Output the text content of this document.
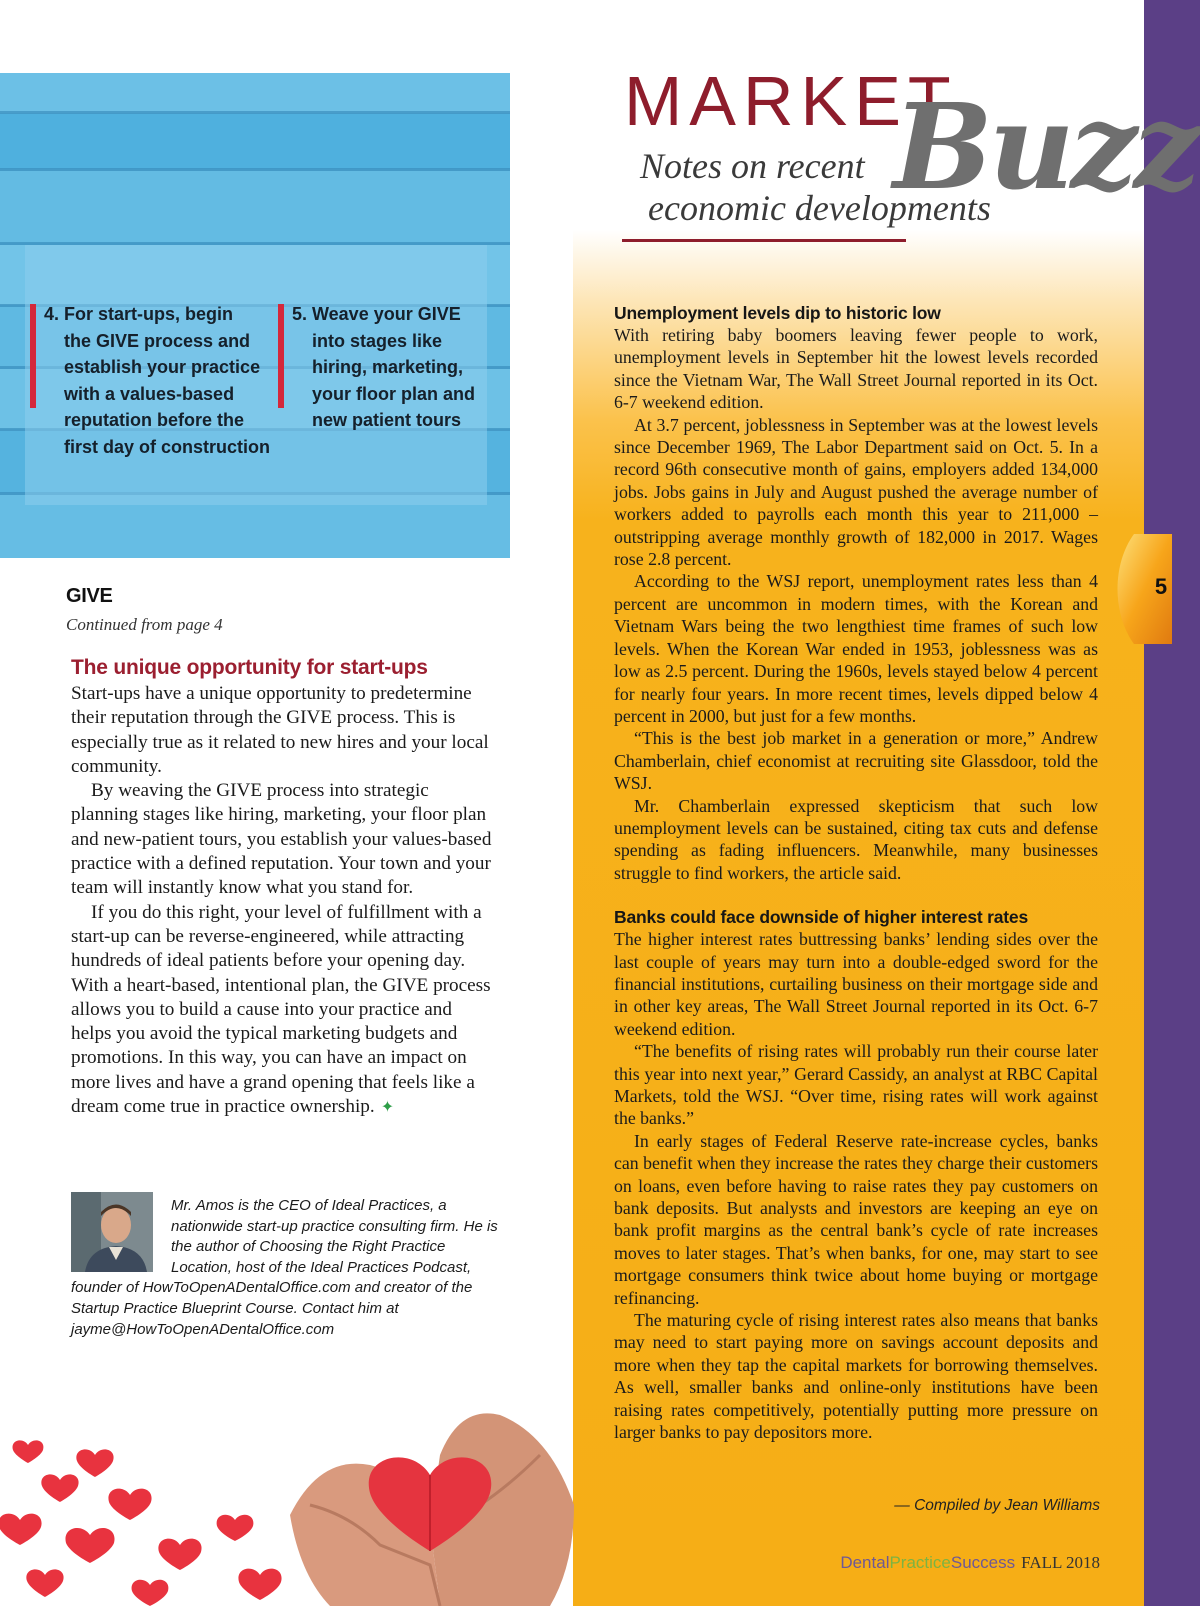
5
MARKET
Buzz
Notes on recent
economic developments
4. For start-ups, begin
the GIVE process and
establish your practice
with a values-based
reputation before the
first day of construction
5. Weave your GIVE
into stages like
hiring, marketing,
your floor plan and
new patient tours
GIVE
Continued from page 4
The unique opportunity for start-ups

Start-ups have a unique opportunity to predetermine their reputation through the GIVE process. This is especially true as it related to new hires and your local community.

By weaving the GIVE process into strategic planning stages like hiring, marketing, your floor plan and new-patient tours, you establish your values-based practice with a defined reputation. Your town and your team will instantly know what you stand for.

If you do this right, your level of fulfillment with a start-up can be reverse-engineered, while attracting hundreds of ideal patients before your opening day. With a heart-based, intentional plan, the GIVE process allows you to build a cause into your practice and helps you avoid the typical marketing budgets and promotions. In this way, you can have an impact on more lives and have a grand opening that feels like a dream come true in practice ownership. ✦

Mr. Amos is the CEO of Ideal Practices, a nationwide start-up practice consulting firm. He is the author of Choosing the Right Practice Location, host of the Ideal Practices Podcast, founder of HowToOpenADentalOffice.com and creator of the Startup Practice Blueprint Course. Contact him at jayme@HowToOpenADentalOffice.com
Unemployment levels dip to historic low

With retiring baby boomers leaving fewer people to work, unemployment levels in September hit the lowest levels recorded since the Vietnam War, The Wall Street Journal reported in its Oct. 6-7 weekend edition.

At 3.7 percent, joblessness in September was at the lowest levels since December 1969, The Labor Department said on Oct. 5. In a record 96th consecutive month of gains, employers added 134,000 jobs. Jobs gains in July and August pushed the average number of workers added to payrolls each month this year to 211,000 – outstripping average monthly growth of 182,000 in 2017. Wages rose 2.8 percent.

According to the WSJ report, unemployment rates less than 4 percent are uncommon in modern times, with the Korean and Vietnam Wars being the two lengthiest time frames of such low levels. When the Korean War ended in 1953, joblessness was as low as 2.5 percent. During the 1960s, levels stayed below 4 percent for nearly four years. In more recent times, levels dipped below 4 percent in 2000, but just for a few months.

“This is the best job market in a generation or more,” Andrew Chamberlain, chief economist at recruiting site Glassdoor, told the WSJ.

Mr. Chamberlain expressed skepticism that such low unemployment levels can be sustained, citing tax cuts and defense spending as fading influencers. Meanwhile, many businesses struggle to find workers, the article said.

Banks could face downside of higher interest rates

The higher interest rates buttressing banks’ lending sides over the last couple of years may turn into a double-edged sword for the financial institutions, curtailing business on their mortgage side and in other key areas, The Wall Street Journal reported in its Oct. 6-7 weekend edition.

“The benefits of rising rates will probably run their course later this year into next year,” Gerard Cassidy, an analyst at RBC Capital Markets, told the WSJ. “Over time, rising rates will work against the banks.”

In early stages of Federal Reserve rate-increase cycles, banks can benefit when they increase the rates they charge their customers on loans, even before having to raise rates they pay customers on bank deposits. But analysts and investors are keeping an eye on bank profit margins as the central bank’s cycle of rate increases moves to later stages. That’s when banks, for one, may start to see mortgage consumers think twice about home buying or mortgage refinancing.

The maturing cycle of rising interest rates also means that banks may need to start paying more on savings account deposits and more when they tap the capital markets for borrowing themselves. As well, smaller banks and online-only institutions have been raising rates competitively, potentially putting more pressure on larger banks to pay depositors more.

— Compiled by Jean Williams
DentalPracticeSuccess FALL 2018
